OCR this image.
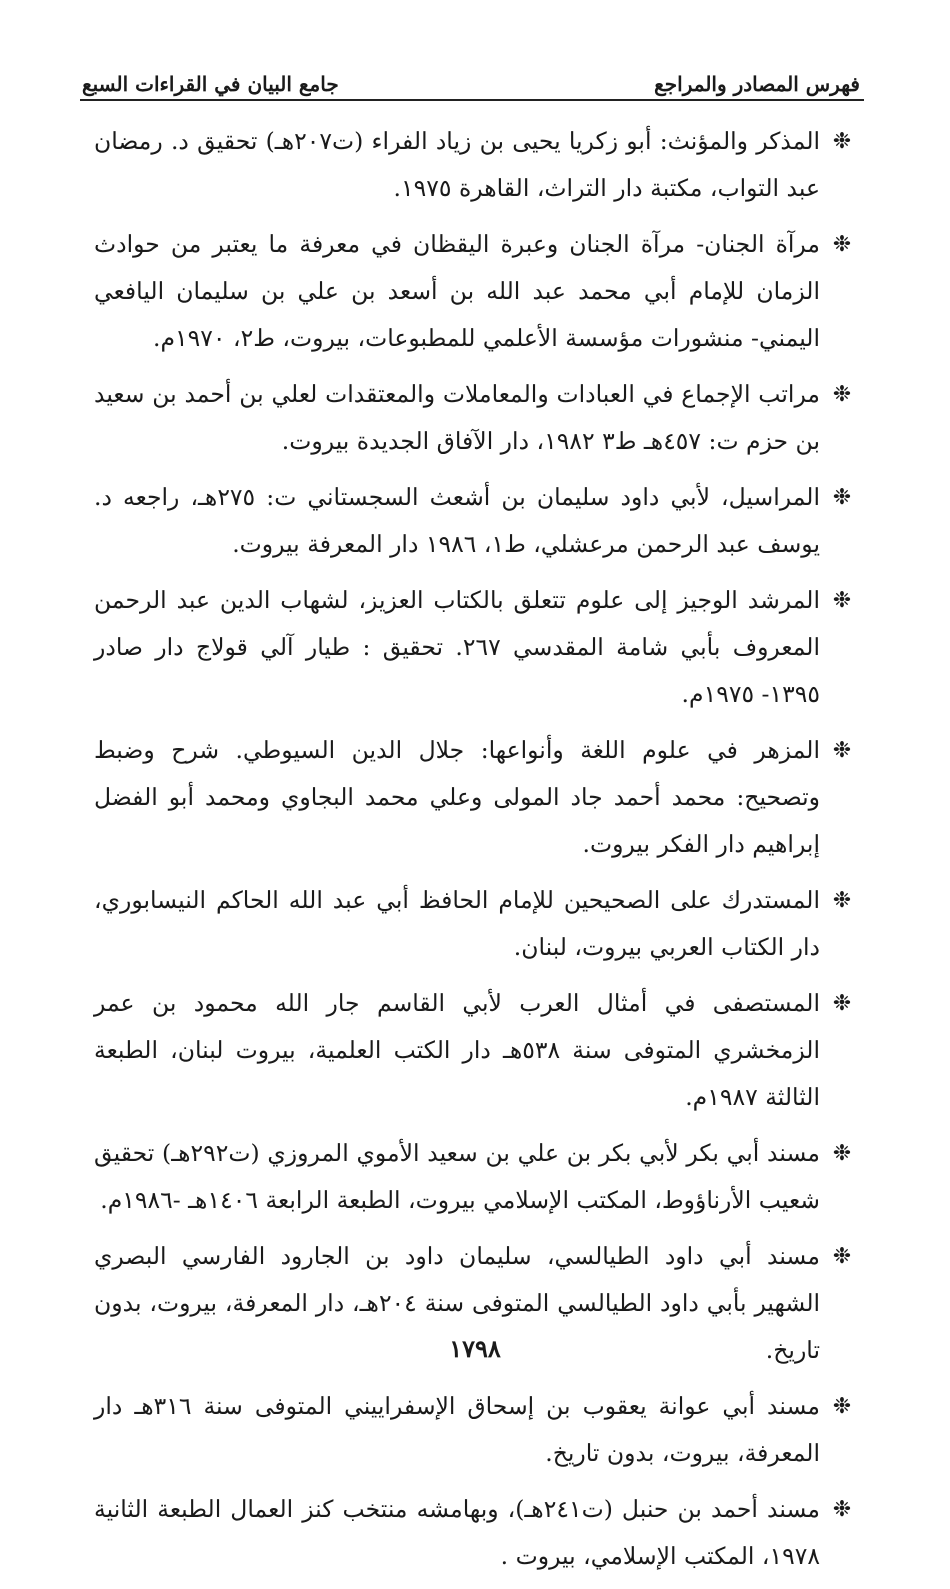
فهرس المصادر والمراجع
جامع البيان في القراءات السبع
❉
المذكر والمؤنث: أبو زكريا يحيى بن زياد الفراء (ت٢٠٧هـ) تحقيق د. رمضان عبد التواب، مكتبة دار التراث، القاهرة ١٩٧٥.
❉
مرآة الجنان- مرآة الجنان وعبرة اليقظان في معرفة ما يعتبر من حوادث الزمان للإمام أبي محمد عبد الله بن أسعد بن علي بن سليمان اليافعي اليمني- منشورات مؤسسة الأعلمي للمطبوعات، بيروت، ط٢، ١٩٧٠م.
❉
مراتب الإجماع في العبادات والمعاملات والمعتقدات لعلي بن أحمد بن سعيد بن حزم ت: ٤٥٧هـ ط٣ ١٩٨٢، دار الآفاق الجديدة بيروت.
❉
المراسيل، لأبي داود سليمان بن أشعث السجستاني ت: ٢٧٥هـ، راجعه د. يوسف عبد الرحمن مرعشلي، ط١، ١٩٨٦ دار المعرفة بيروت.
❉
المرشد الوجيز إلى علوم تتعلق بالكتاب العزيز، لشهاب الدين عبد الرحمن المعروف بأبي شامة المقدسي ٢٦٧. تحقيق : طيار آلي قولاج دار صادر ١٣٩٥- ١٩٧٥م.
❉
المزهر في علوم اللغة وأنواعها: جلال الدين السيوطي. شرح وضبط وتصحيح: محمد أحمد جاد المولى وعلي محمد البجاوي ومحمد أبو الفضل إبراهيم دار الفكر بيروت.
❉
المستدرك على الصحيحين للإمام الحافظ أبي عبد الله الحاكم النيسابوري، دار الكتاب العربي بيروت، لبنان.
❉
المستصفى في أمثال العرب لأبي القاسم جار الله محمود بن عمر الزمخشري المتوفى سنة ٥٣٨هـ دار الكتب العلمية، بيروت لبنان، الطبعة الثالثة ١٩٨٧م.
❉
مسند أبي بكر لأبي بكر بن علي بن سعيد الأموي المروزي (ت٢٩٢هـ) تحقيق شعيب الأرناؤوط، المكتب الإسلامي بيروت، الطبعة الرابعة ١٤٠٦هـ -١٩٨٦م.
❉
مسند أبي داود الطيالسي، سليمان داود بن الجارود الفارسي البصري الشهير بأبي داود الطيالسي المتوفى سنة ٢٠٤هـ، دار المعرفة، بيروت، بدون تاريخ.
❉
مسند أبي عوانة يعقوب بن إسحاق الإسفراييني المتوفى سنة ٣١٦هـ دار المعرفة، بيروت، بدون تاريخ.
❉
مسند أحمد بن حنبل (ت٢٤١هـ)، وبهامشه منتخب كنز العمال الطبعة الثانية ١٩٧٨، المكتب الإسلامي، بيروت .
١٧٩٨
